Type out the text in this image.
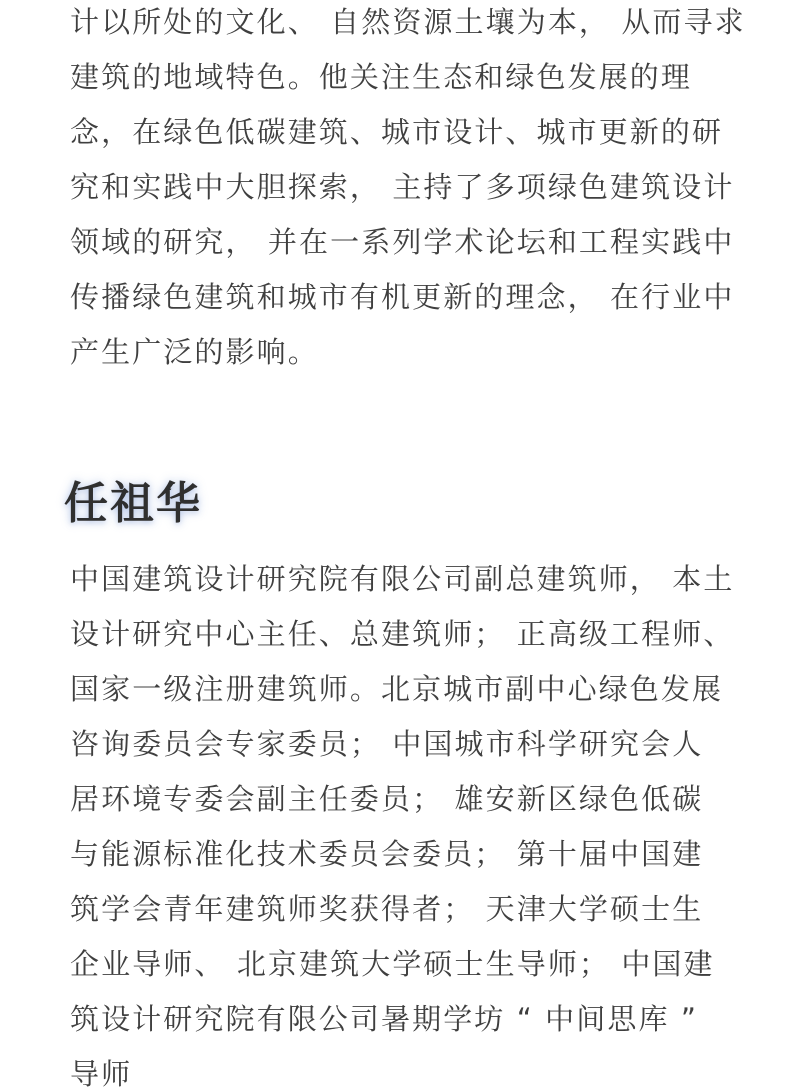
计以所处的文化、 自然资源土壤为本， 从而寻求
建筑的地域特色。他关注生态和绿色发展的理
念，在绿色低碳建筑、城市设计、城市更新的研
究和实践中大胆探索， 主持了多项绿色建筑设计
领域的研究， 并在一系列学术论坛和工程实践中
传播绿色建筑和城市有机更新的理念， 在行业中
产生广泛的影响。
任祖华
中国建筑设计研究院有限公司副总建筑师， 本土
设计研究中心主任、总建筑师； 正高级工程师、
国家一级注册建筑师。北京城市副中心绿色发展
咨询委员会专家委员； 中国城市科学研究会人
居环境专委会副主任委员； 雄安新区绿色低碳
与能源标准化技术委员会委员； 第十届中国建
筑学会青年建筑师奖获得者； 天津大学硕士生
企业导师、 北京建筑大学硕士生导师； 中国建
筑设计研究院有限公司暑期学坊 “ 中间思库 ”
导师
